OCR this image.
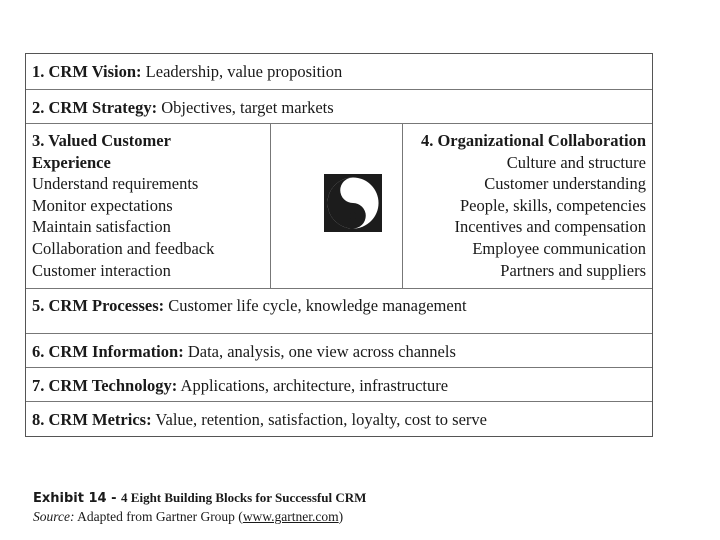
1. CRM Vision: Leadership, value proposition
2. CRM Strategy: Objectives, target markets
3. Valued Customer Experience
Understand requirements
Monitor expectations
Maintain satisfaction
Collaboration and feedback
Customer interaction
4. Organizational Collaboration
Culture and structure
Customer understanding
People, skills, competencies
Incentives and compensation
Employee communication
Partners and suppliers
5. CRM Processes: Customer life cycle, knowledge management
6. CRM Information: Data, analysis, one view across channels
7. CRM Technology: Applications, architecture, infrastructure
8. CRM Metrics: Value, retention, satisfaction, loyalty, cost to serve
Exhibit 14 - 4 Eight Building Blocks for Successful CRM
Source: Adapted from Gartner Group (www.gartner.com)
